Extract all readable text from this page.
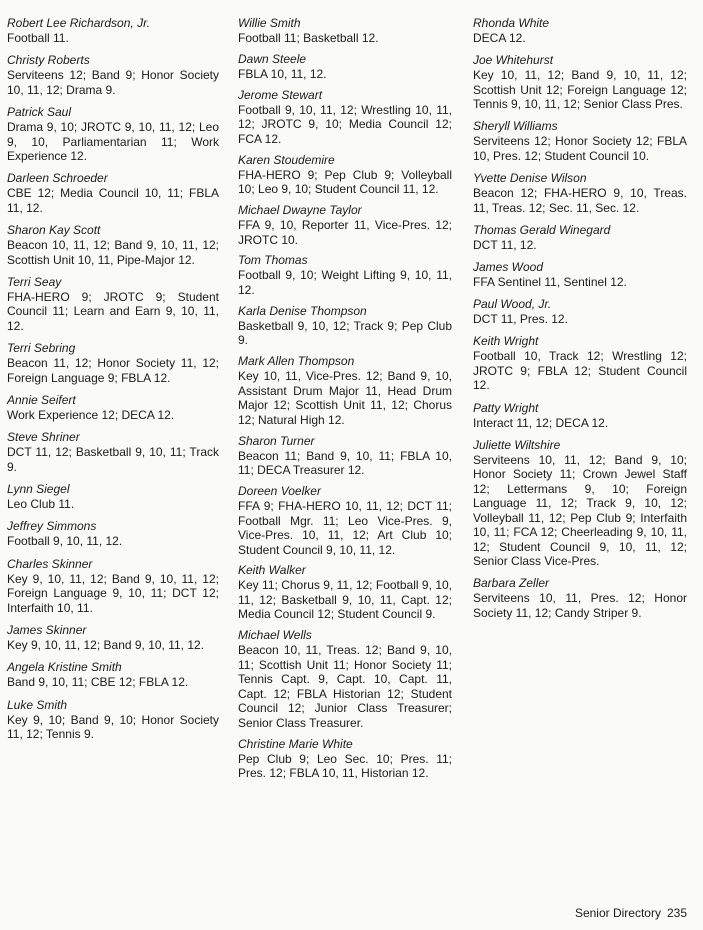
Robert Lee Richardson, Jr.

Football 11.

Christy Roberts

Serviteens 12; Band 9; Honor Society 10, 11, 12; Drama 9.

Patrick Saul

Drama 9, 10; JROTC 9, 10, 11, 12; Leo 9, 10, Parliamentarian 11; Work Experience 12.

Darleen Schroeder

CBE 12; Media Council 10, 11; FBLA 11, 12.

Sharon Kay Scott

Beacon 10, 11, 12; Band 9, 10, 11, 12; Scottish Unit 10, 11, Pipe-Major 12.

Terri Seay

FHA-HERO 9; JROTC 9; Student Council 11; Learn and Earn 9, 10, 11, 12.

Terri Sebring

Beacon 11, 12; Honor Society 11, 12; Foreign Language 9; FBLA 12.

Annie Seifert

Work Experience 12; DECA 12.

Steve Shriner

DCT 11, 12; Basketball 9, 10, 11; Track 9.

Lynn Siegel

Leo Club 11.

Jeffrey Simmons

Football 9, 10, 11, 12.

Charles Skinner

Key 9, 10, 11, 12; Band 9, 10, 11, 12; Foreign Language 9, 10, 11; DCT 12; Interfaith 10, 11.

James Skinner

Key 9, 10, 11, 12; Band 9, 10, 11, 12.

Angela Kristine Smith

Band 9, 10, 11; CBE 12; FBLA 12.

Luke Smith

Key 9, 10; Band 9, 10; Honor Society 11, 12; Tennis 9.

Willie Smith

Football 11; Basketball 12.

Dawn Steele

FBLA 10, 11, 12.

Jerome Stewart

Football 9, 10, 11, 12; Wrestling 10, 11, 12; JROTC 9, 10; Media Council 12; FCA 12.

Karen Stoudemire

FHA-HERO 9; Pep Club 9; Volleyball 10; Leo 9, 10; Student Council 11, 12.

Michael Dwayne Taylor

FFA 9, 10, Reporter 11, Vice-Pres. 12; JROTC 10.

Tom Thomas

Football 9, 10; Weight Lifting 9, 10, 11, 12.

Karla Denise Thompson

Basketball 9, 10, 12; Track 9; Pep Club 9.

Mark Allen Thompson

Key 10, 11, Vice-Pres. 12; Band 9, 10, Assistant Drum Major 11, Head Drum Major 12; Scottish Unit 11, 12; Chorus 12; Natural High 12.

Sharon Turner

Beacon 11; Band 9, 10, 11; FBLA 10, 11; DECA Treasurer 12.

Doreen Voelker

FFA 9; FHA-HERO 10, 11, 12; DCT 11; Football Mgr. 11; Leo Vice-Pres. 9, Vice-Pres. 10, 11, 12; Art Club 10; Student Council 9, 10, 11, 12.

Keith Walker

Key 11; Chorus 9, 11, 12; Football 9, 10, 11, 12; Basketball 9, 10, 11, Capt. 12; Media Council 12; Student Council 9.

Michael Wells

Beacon 10, 11, Treas. 12; Band 9, 10, 11; Scottish Unit 11; Honor Society 11; Tennis Capt. 9, Capt. 10, Capt. 11, Capt. 12; FBLA Historian 12; Student Council 12; Junior Class Treasurer; Senior Class Treasurer.

Christine Marie White

Pep Club 9; Leo Sec. 10; Pres. 11; Pres. 12; FBLA 10, 11, Historian 12.

Rhonda White

DECA 12.

Joe Whitehurst

Key 10, 11, 12; Band 9, 10, 11, 12; Scottish Unit 12; Foreign Language 12; Tennis 9, 10, 11, 12; Senior Class Pres.

Sheryll Williams

Serviteens 12; Honor Society 12; FBLA 10, Pres. 12; Student Council 10.

Yvette Denise Wilson

Beacon 12; FHA-HERO 9, 10, Treas. 11, Treas. 12; Sec. 11, Sec. 12.

Thomas Gerald Winegard

DCT 11, 12.

James Wood

FFA Sentinel 11, Sentinel 12.

Paul Wood, Jr.

DCT 11, Pres. 12.

Keith Wright

Football 10, Track 12; Wrestling 12; JROTC 9; FBLA 12; Student Council 12.

Patty Wright

Interact 11, 12; DECA 12.

Juliette Wiltshire

Serviteens 10, 11, 12; Band 9, 10; Honor Society 11; Crown Jewel Staff 12; Lettermans 9, 10; Foreign Language 11, 12; Track 9, 10, 12; Volleyball 11, 12; Pep Club 9; Interfaith 10, 11; FCA 12; Cheerleading 9, 10, 11, 12; Student Council 9, 10, 11, 12; Senior Class Vice-Pres.

Barbara Zeller

Serviteens 10, 11, Pres. 12; Honor Society 11, 12; Candy Striper 9.

Senior Directory 235
